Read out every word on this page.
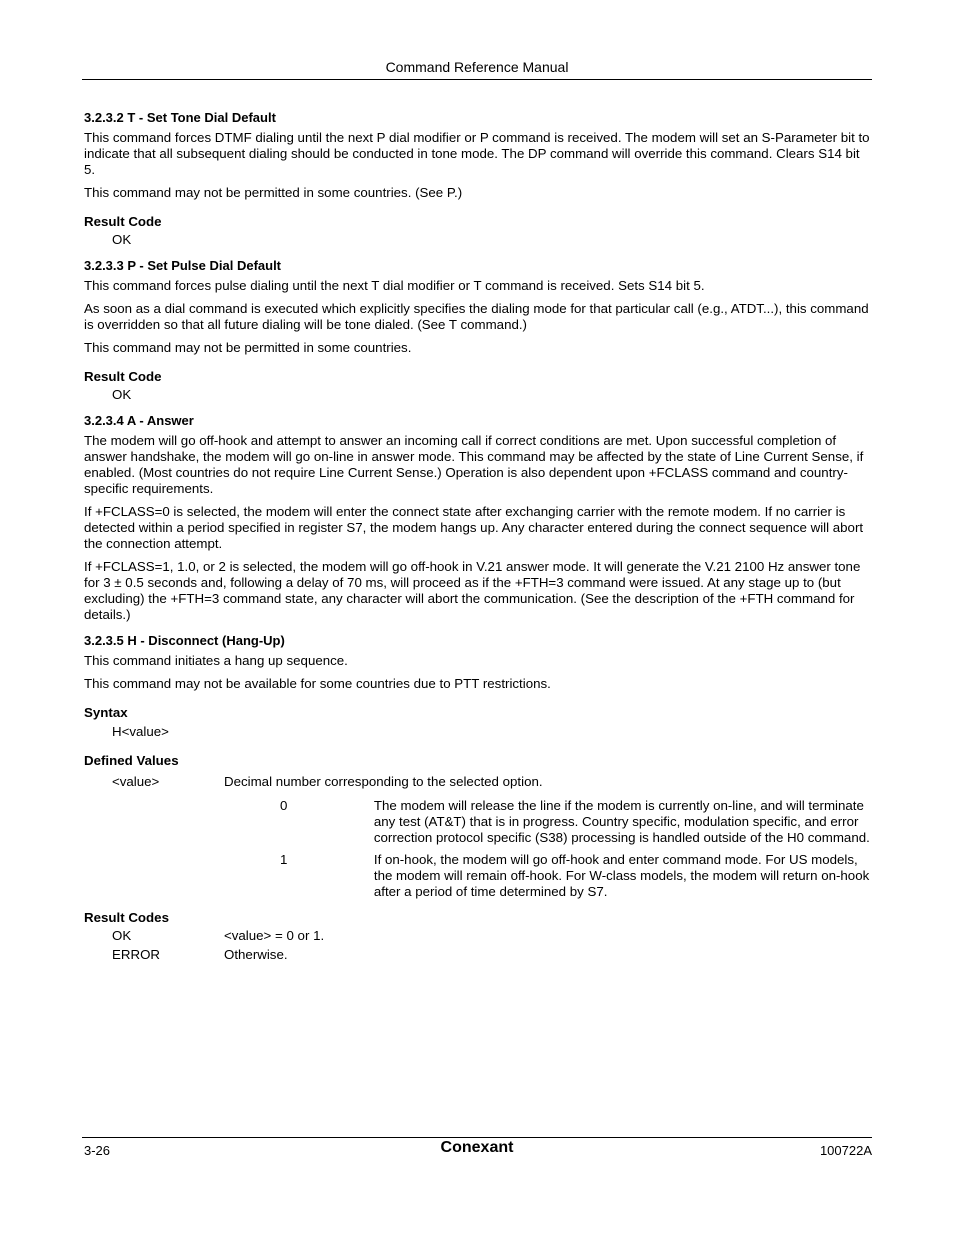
Command Reference Manual
3.2.3.2 T - Set Tone Dial Default

This command forces DTMF dialing until the next P dial modifier or P command is received. The modem will set an S-Parameter bit to indicate that all subsequent dialing should be conducted in tone mode. The DP command will override this command. Clears S14 bit 5.

This command may not be permitted in some countries. (See P.)

Result Code
OK
3.2.3.3 P - Set Pulse Dial Default

This command forces pulse dialing until the next T dial modifier or T command is received. Sets S14 bit 5.

As soon as a dial command is executed which explicitly specifies the dialing mode for that particular call (e.g., ATDT...), this command is overridden so that all future dialing will be tone dialed. (See T command.)

This command may not be permitted in some countries.

Result Code
OK
3.2.3.4 A - Answer

The modem will go off-hook and attempt to answer an incoming call if correct conditions are met. Upon successful completion of answer handshake, the modem will go on-line in answer mode. This command may be affected by the state of Line Current Sense, if enabled. (Most countries do not require Line Current Sense.) Operation is also dependent upon +FCLASS command and country-specific requirements.

If +FCLASS=0 is selected, the modem will enter the connect state after exchanging carrier with the remote modem. If no carrier is detected within a period specified in register S7, the modem hangs up. Any character entered during the connect sequence will abort the connection attempt.

If +FCLASS=1, 1.0, or 2 is selected, the modem will go off-hook in V.21 answer mode. It will generate the V.21 2100 Hz answer tone for 3 ± 0.5 seconds and, following a delay of 70 ms, will proceed as if the +FTH=3 command were issued. At any stage up to (but excluding) the +FTH=3 command state, any character will abort the communication. (See the description of the +FTH command for details.)

3.2.3.5 H - Disconnect (Hang-Up)

This command initiates a hang up sequence.

This command may not be available for some countries due to PTT restrictions.

Syntax
H<value>
Defined Values
<value>	Decimal number corresponding to the selected option.
0	The modem will release the line if the modem is currently on-line, and will terminate any test (AT&T) that is in progress. Country specific, modulation specific, and error correction protocol specific (S38) processing is handled outside of the H0 command.
1	If on-hook, the modem will go off-hook and enter command mode. For US models, the modem will remain off-hook. For W-class models, the modem will return on-hook after a period of time determined by S7.
Result Codes
OK	<value> = 0 or 1.
ERROR	Otherwise.
3-26	Conexant	100722A
